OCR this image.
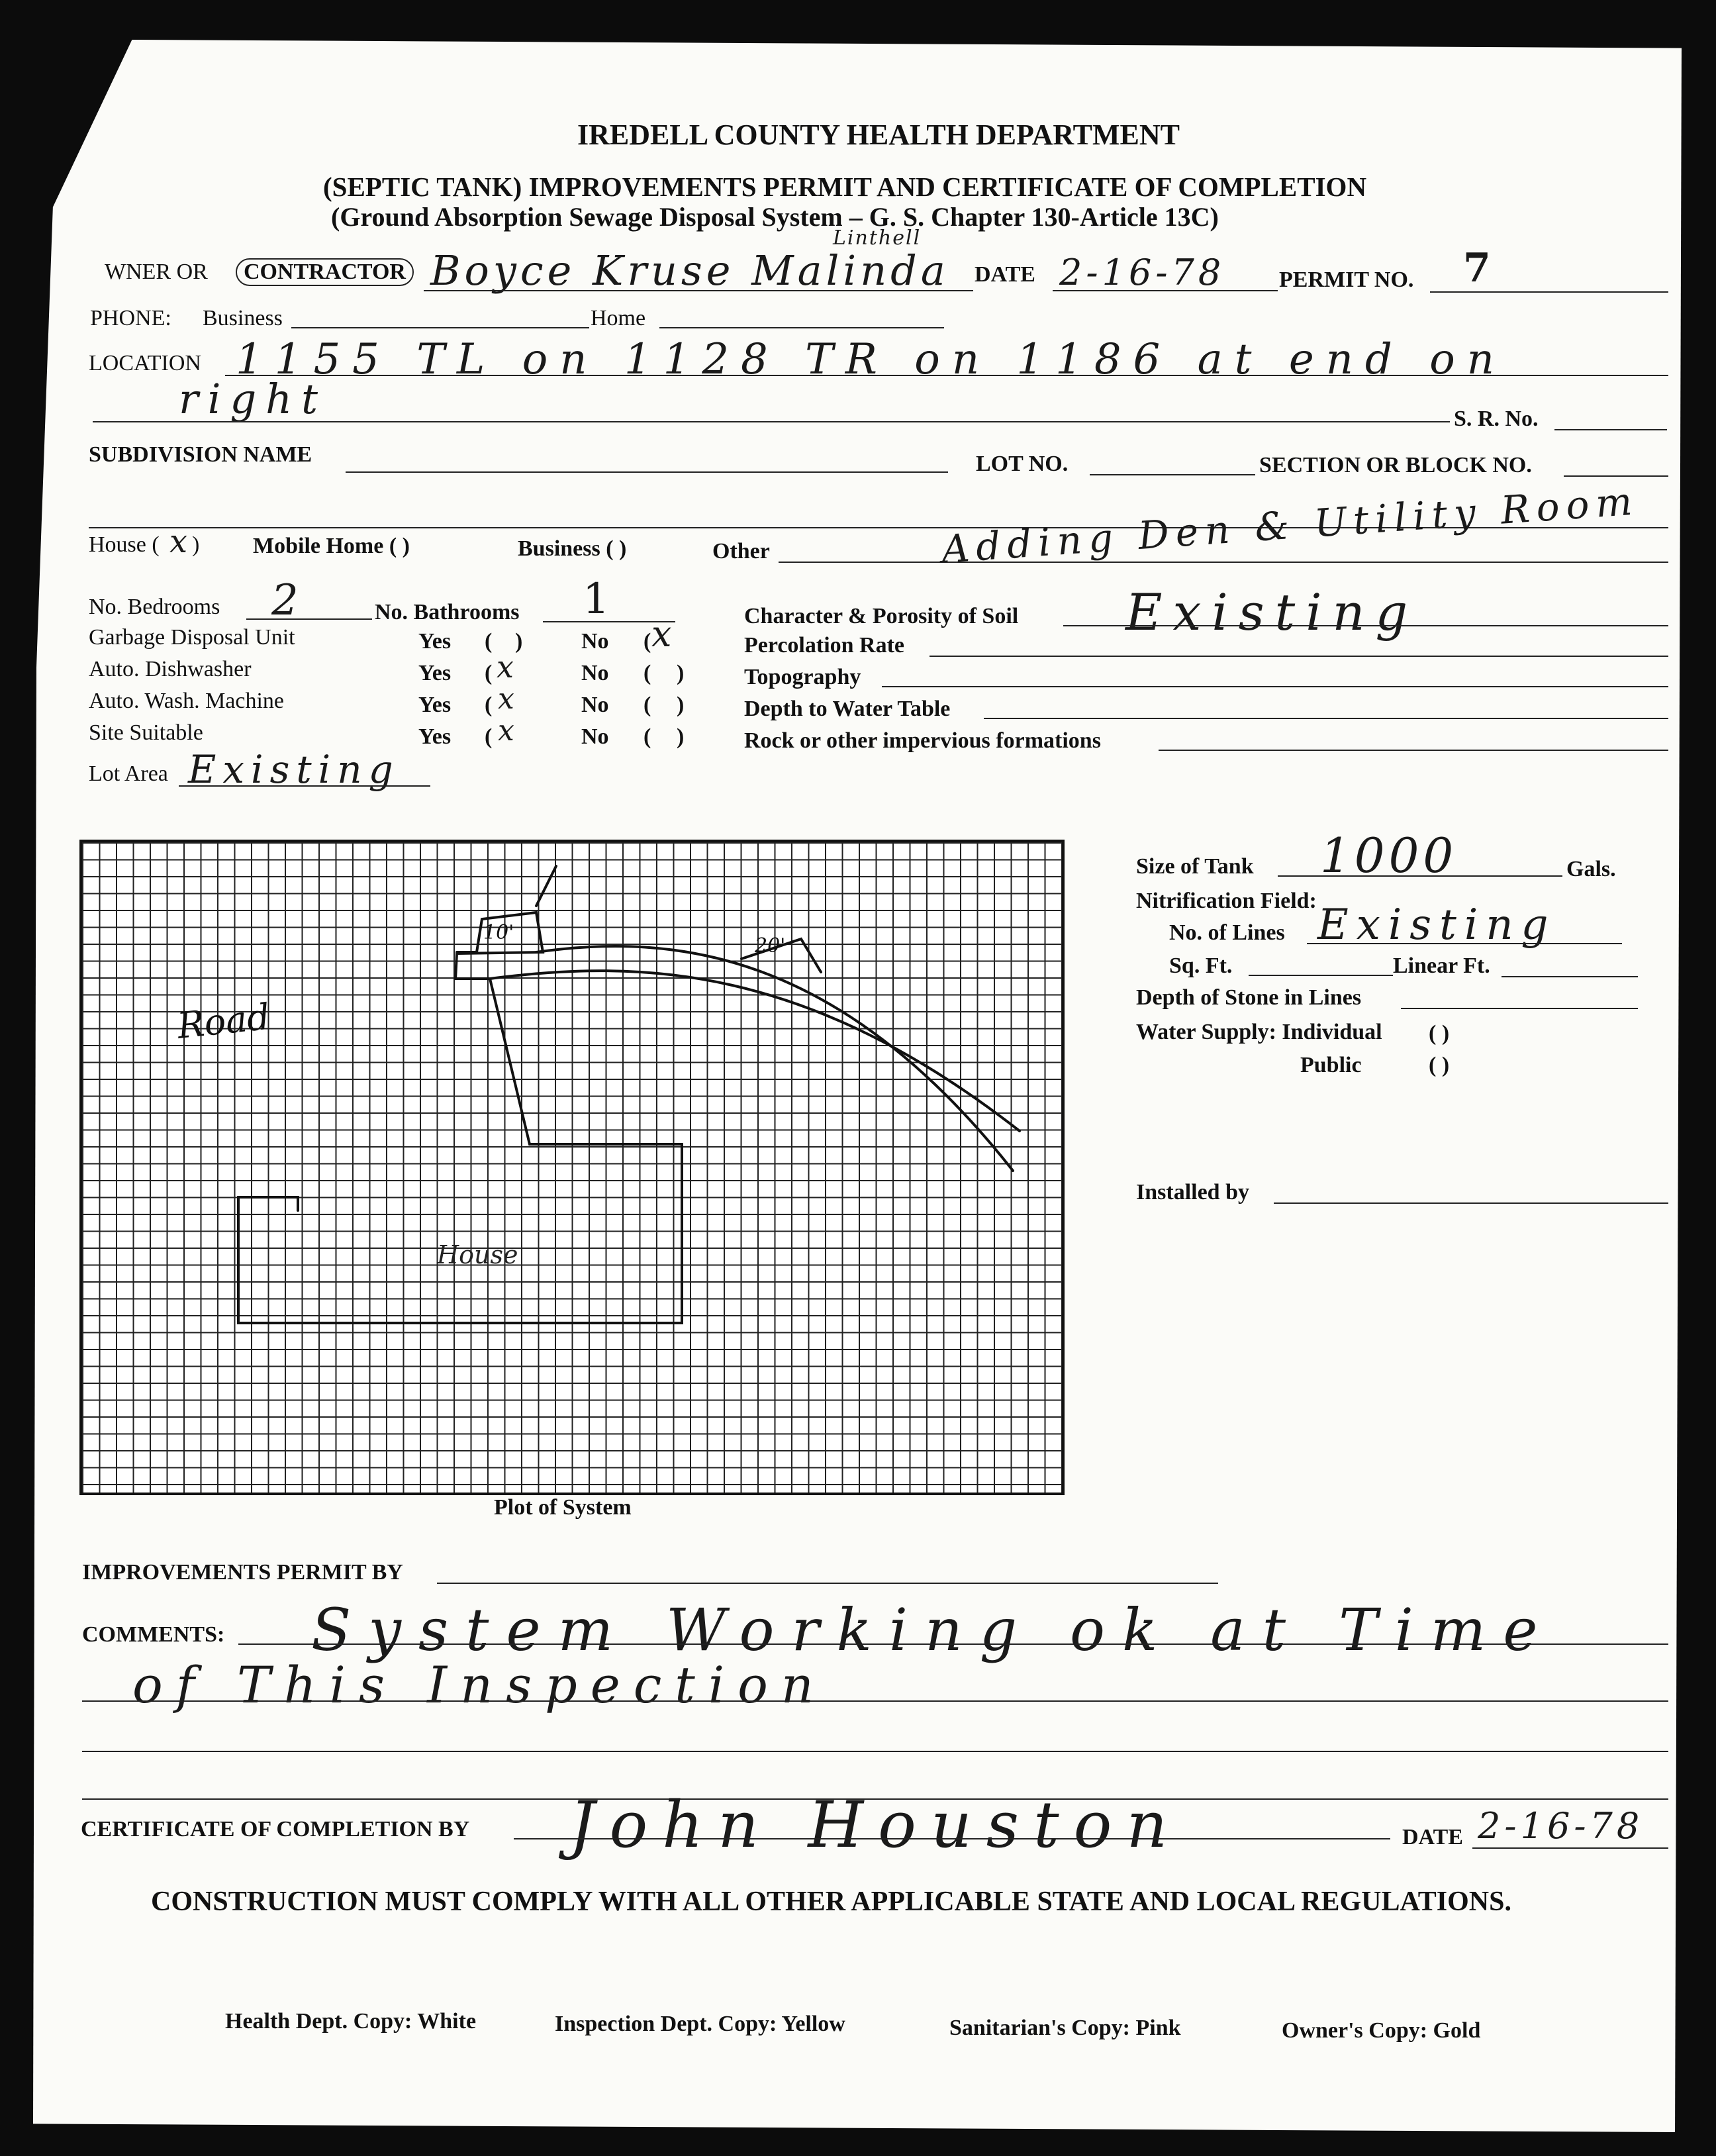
IREDELL COUNTY HEALTH DEPARTMENT
(SEPTIC TANK) IMPROVEMENTS PERMIT AND CERTIFICATE OF COMPLETION
(Ground Absorption Sewage Disposal System – G. S. Chapter 130-Article 13C)
WNER OR	CONTRACTOR Boyce Kruse Malinda
Linthell
DATE 2-16-78 PERMIT NO. 7
PHONE: Business	Home
LOCATION 1155 TL on 1128 TR on 1186 at end on
right	S. R. No.
SUBDIVISION NAME	LOT NO.	SECTION OR BLOCK NO.
House ( x ) Mobile Home ( )	Business ( )	Other	Adding Den & Utility Room
No. Bedrooms 2	No. Bathrooms 1
Garbage Disposal Unit	Yes ( )	No ( x
Auto. Dishwasher	Yes ( x	No ( )
Auto. Wash. Machine	Yes ( x	No ( )
Site Suitable	Yes ( x	No ( )
Lot Area Existing
Character & Porosity of Soil Existing
Percolation Rate
Topography
Depth to Water Table
Rock or other impervious formations
Road
House
10'
20'
Plot of System
Size of Tank 1000	Gals.
Nitrification Field:
No. of Lines Existing
Sq. Ft.	Linear Ft.
Depth of Stone in Lines
Water Supply: Individual ( )
Public	( )
Installed by
IMPROVEMENTS PERMIT BY
COMMENTS: System Working ok at Time
of This Inspection
CERTIFICATE OF COMPLETION BY John Houston	DATE 2-16-78
CONSTRUCTION MUST COMPLY WITH ALL OTHER APPLICABLE STATE AND LOCAL REGULATIONS.
Health Dept. Copy: White	Inspection Dept. Copy: Yellow	Sanitarian's Copy: Pink	Owner's Copy: Gold
